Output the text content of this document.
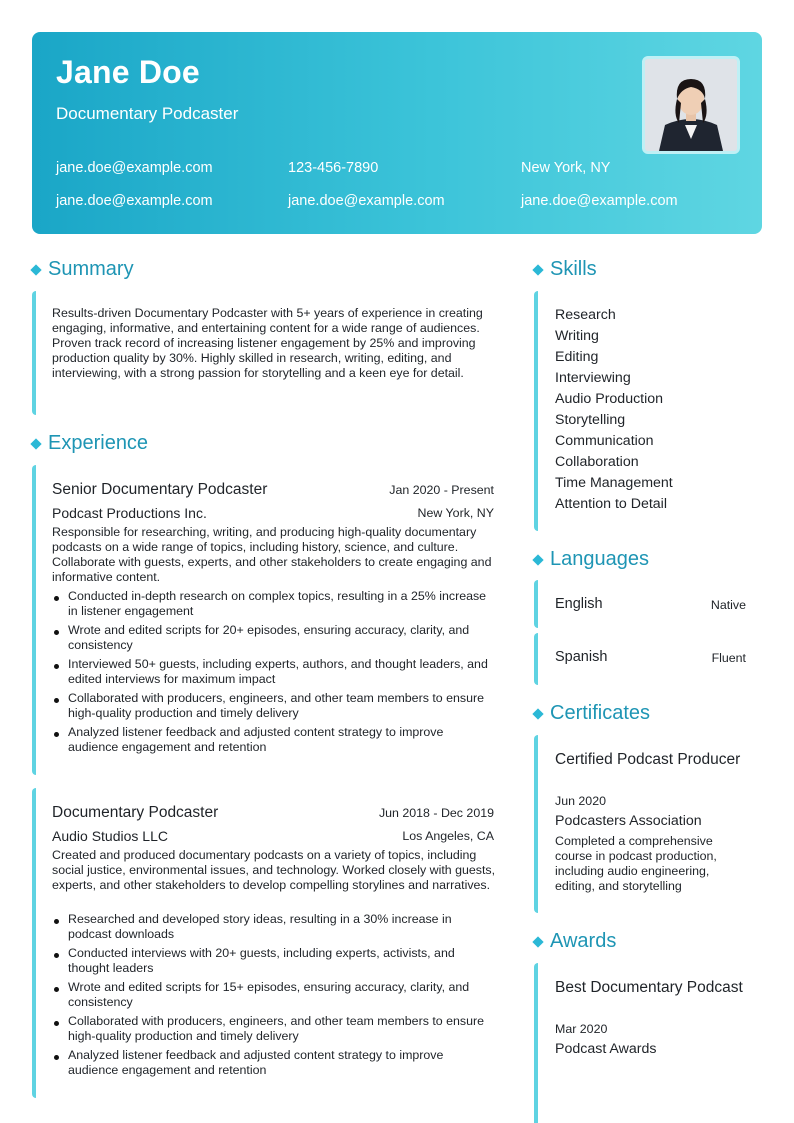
Jane Doe
Documentary Podcaster
jane.doe@example.com	123-456-7890	New York, NY
jane.doe@example.com	jane.doe@example.com	jane.doe@example.com
Summary
Results-driven Documentary Podcaster with 5+ years of experience in creating engaging, informative, and entertaining content for a wide range of audiences. Proven track record of increasing listener engagement by 25% and improving production quality by 30%. Highly skilled in research, writing, editing, and interviewing, with a strong passion for storytelling and a keen eye for detail.
Experience
Senior Documentary Podcaster	Jan 2020 - Present
Podcast Productions Inc.	New York, NY
Responsible for researching, writing, and producing high-quality documentary podcasts on a wide range of topics, including history, science, and culture. Collaborate with guests, experts, and other stakeholders to create engaging and informative content.
Conducted in-depth research on complex topics, resulting in a 25% increase in listener engagement
Wrote and edited scripts for 20+ episodes, ensuring accuracy, clarity, and consistency
Interviewed 50+ guests, including experts, authors, and thought leaders, and edited interviews for maximum impact
Collaborated with producers, engineers, and other team members to ensure high-quality production and timely delivery
Analyzed listener feedback and adjusted content strategy to improve audience engagement and retention
Documentary Podcaster	Jun 2018 - Dec 2019
Audio Studios LLC	Los Angeles, CA
Created and produced documentary podcasts on a variety of topics, including social justice, environmental issues, and technology. Worked closely with guests, experts, and other stakeholders to develop compelling storylines and narratives.
Researched and developed story ideas, resulting in a 30% increase in podcast downloads
Conducted interviews with 20+ guests, including experts, activists, and thought leaders
Wrote and edited scripts for 15+ episodes, ensuring accuracy, clarity, and consistency
Collaborated with producers, engineers, and other team members to ensure high-quality production and timely delivery
Analyzed listener feedback and adjusted content strategy to improve audience engagement and retention
Skills
Research
Writing
Editing
Interviewing
Audio Production
Storytelling
Communication
Collaboration
Time Management
Attention to Detail
Languages
English	Native
Spanish	Fluent
Certificates
Certified Podcast Producer
Jun 2020
Podcasters Association
Completed a comprehensive course in podcast production, including audio engineering, editing, and storytelling
Awards
Best Documentary Podcast
Mar 2020
Podcast Awards
